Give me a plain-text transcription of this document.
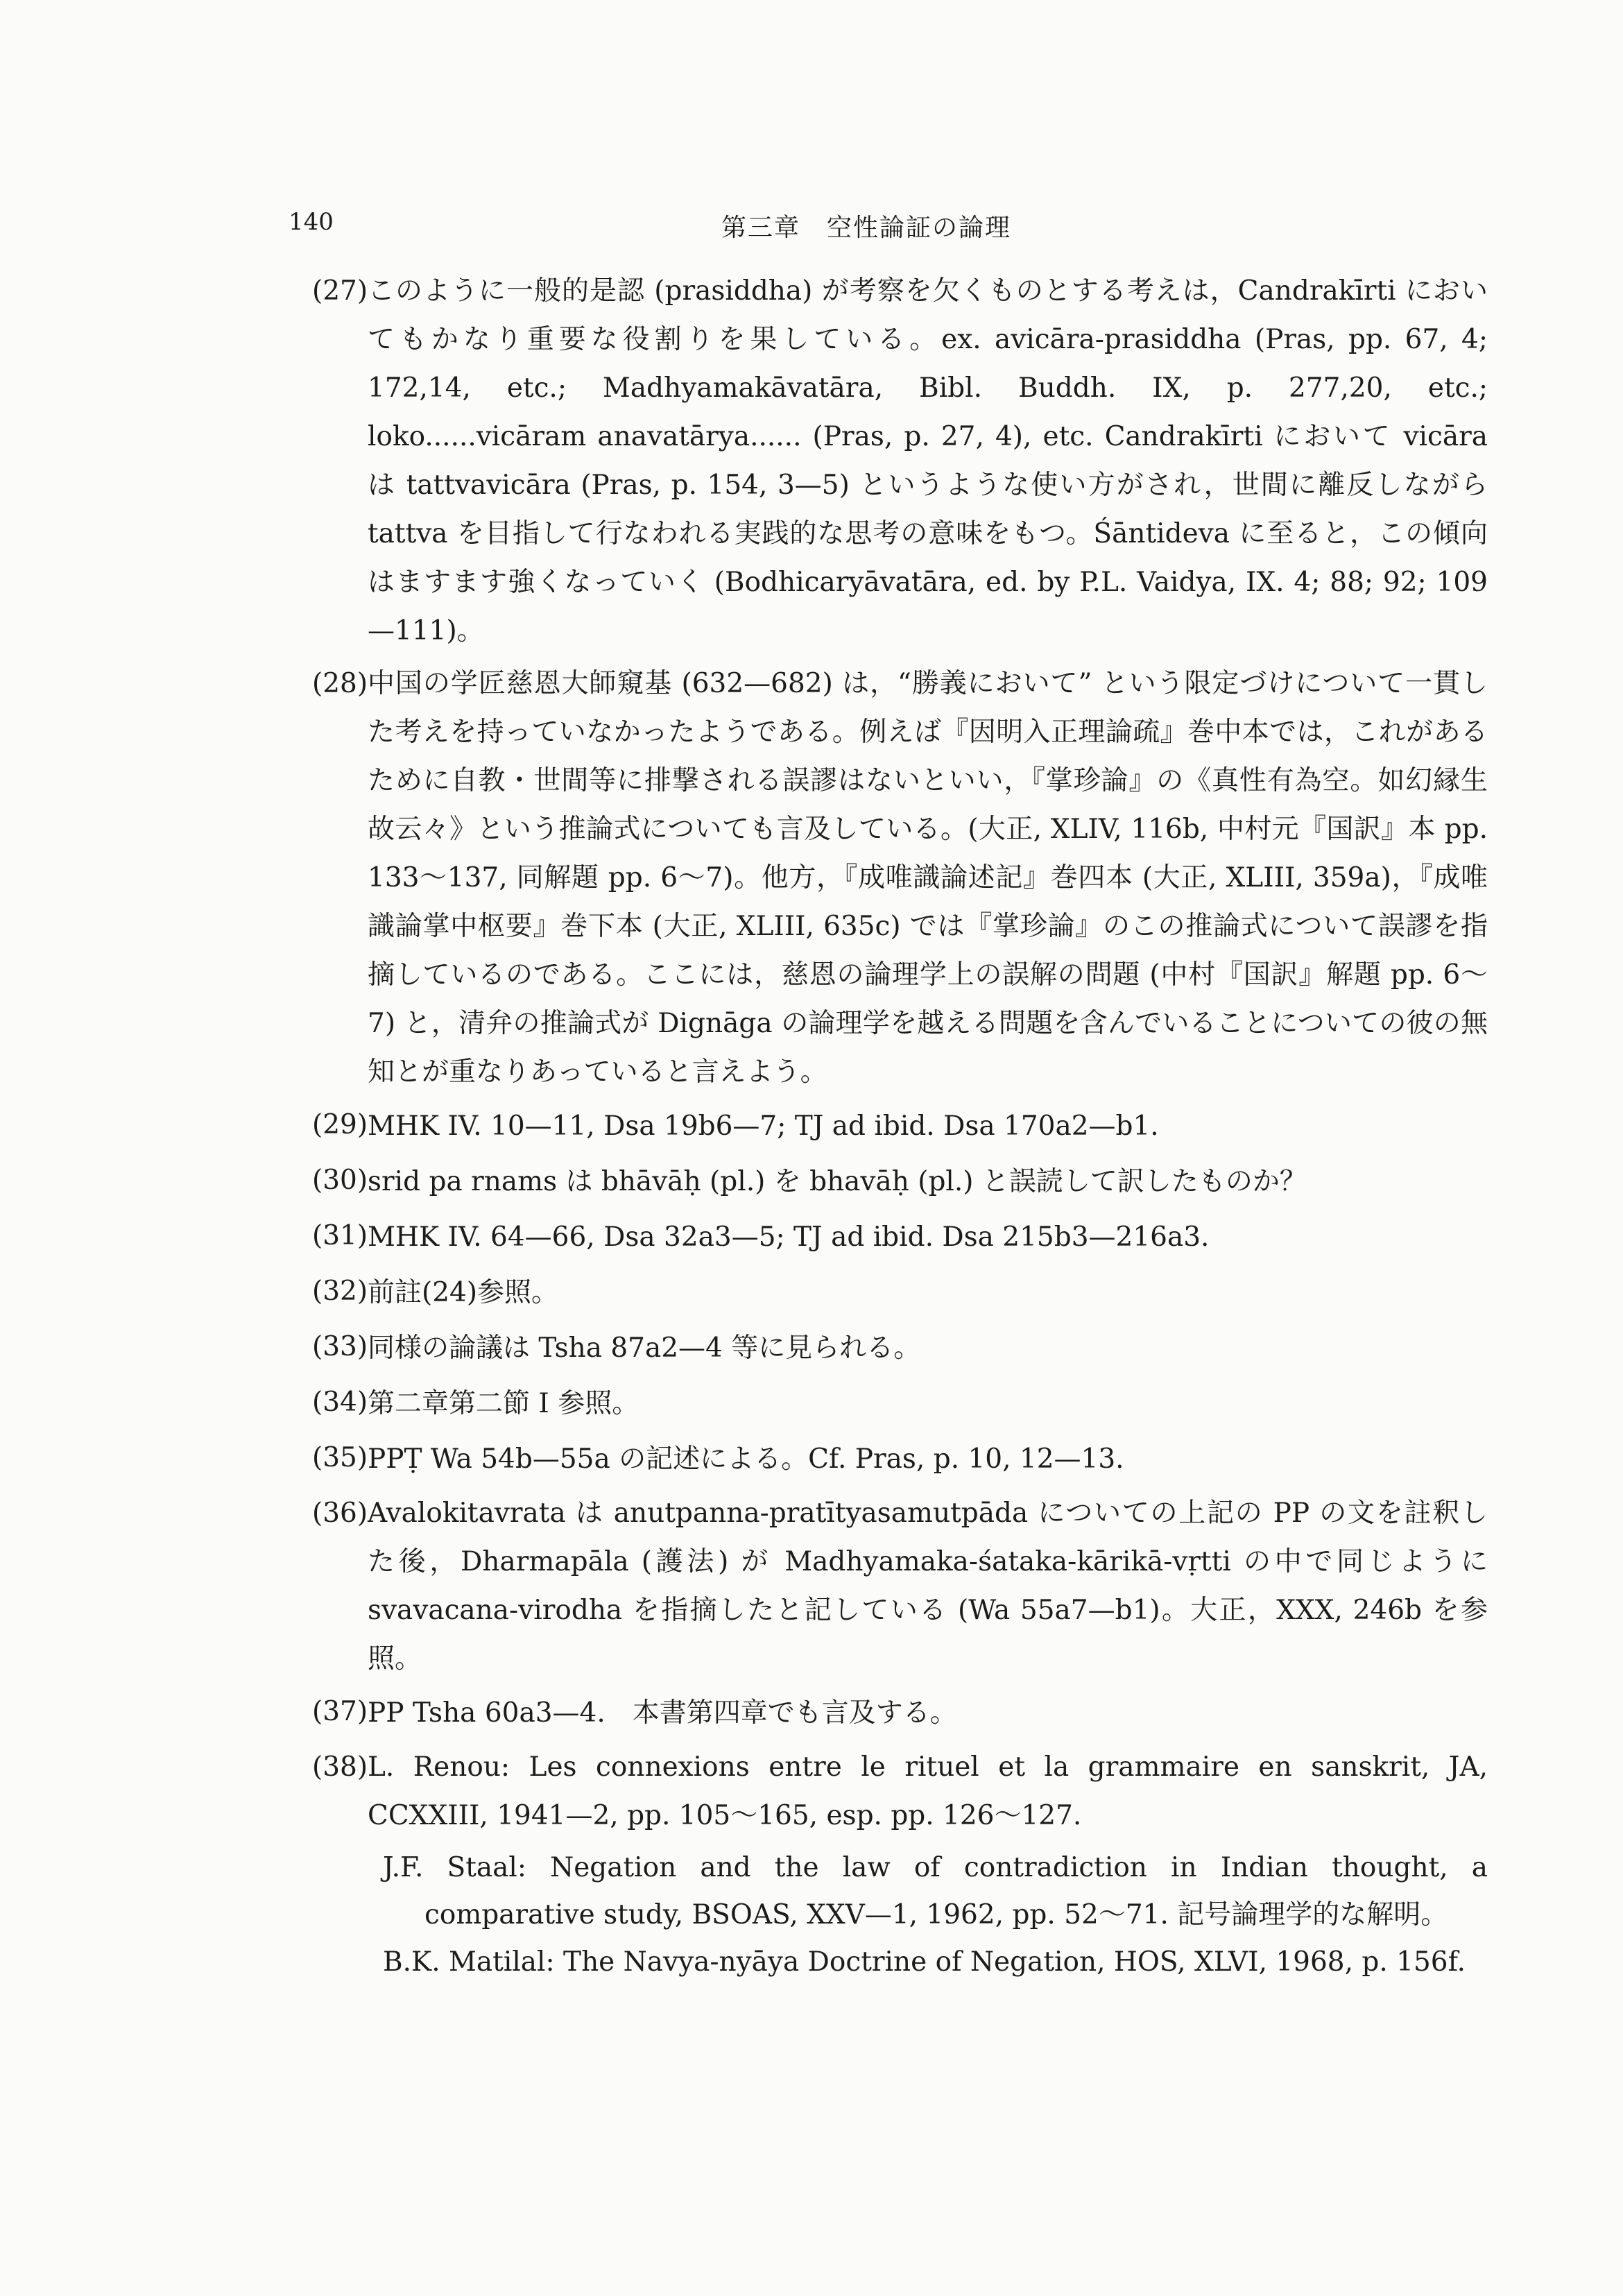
140	第三章　空性論証の論理
(27) このように一般的是認 (prasiddha) が考察を欠くものとする考えは，Candrakīrti においてもかなり重要な役割りを果している。ex. avicāra-prasiddha (Pras, pp. 67, 4; 172,14, etc.; Madhyamakāvatāra, Bibl. Buddh. IX, p. 277,20, etc.; loko......vicāram anavatārya...... (Pras, p. 27, 4), etc. Candrakīrti において vicāra は tattvavicāra (Pras, p. 154, 3—5) というような使い方がされ，世間に離反しながら tattva を目指して行なわれる実践的な思考の意味をもつ。Śāntideva に至ると，この傾向はますます強くなっていく (Bodhicaryāvatāra, ed. by P.L. Vaidya, IX. 4; 88; 92; 109—111)。
(28) 中国の学匠慈恩大師窺基 (632—682) は，“勝義において” という限定づけについて一貫した考えを持っていなかったようである。例えば『因明入正理論疏』巻中本では，これがあるために自教・世間等に排撃される誤謬はないといい，『掌珍論』の《真性有為空。如幻縁生故云々》という推論式についても言及している。(大正, XLIV, 116b, 中村元『国訳』本 pp. 133〜137, 同解題 pp. 6〜7)。他方，『成唯識論述記』巻四本 (大正, XLIII, 359a)，『成唯識論掌中枢要』巻下本 (大正, XLIII, 635c) では『掌珍論』のこの推論式について誤謬を指摘しているのである。ここには，慈恩の論理学上の誤解の問題 (中村『国訳』解題 pp. 6〜7) と，清弁の推論式が Dignāga の論理学を越える問題を含んでいることについての彼の無知とが重なりあっていると言えよう。
(29) MHK IV. 10—11, Dsa 19b6—7; TJ ad ibid. Dsa 170a2—b1.
(30) srid pa rnams は bhāvāḥ (pl.) を bhavāḥ (pl.) と誤読して訳したものか？
(31) MHK IV. 64—66, Dsa 32a3—5; TJ ad ibid. Dsa 215b3—216a3.
(32) 前註(24)参照。
(33) 同様の論議は Tsha 87a2—4 等に見られる。
(34) 第二章第二節 I 参照。
(35) PPṬ Wa 54b—55a の記述による。Cf. Pras, p. 10, 12—13.
(36) Avalokitavrata は anutpanna-pratītyasamutpāda についての上記の PP の文を註釈した後，Dharmapāla (護法) が Madhyamaka-śataka-kārikā-vṛtti の中で同じように svavacana-virodha を指摘したと記している (Wa 55a7—b1)。大正，XXX, 246b を参照。
(37) PP Tsha 60a3—4.　本書第四章でも言及する。
(38) L. Renou: Les connexions entre le rituel et la grammaire en sanskrit, JA, CCXXIII, 1941—2, pp. 105〜165, esp. pp. 126〜127.
J.F. Staal: Negation and the law of contradiction in Indian thought, a comparative study, BSOAS, XXV—1, 1962, pp. 52〜71. 記号論理学的な解明。
B.K. Matilal: The Navya-nyāya Doctrine of Negation, HOS, XLVI, 1968, p. 156f.
